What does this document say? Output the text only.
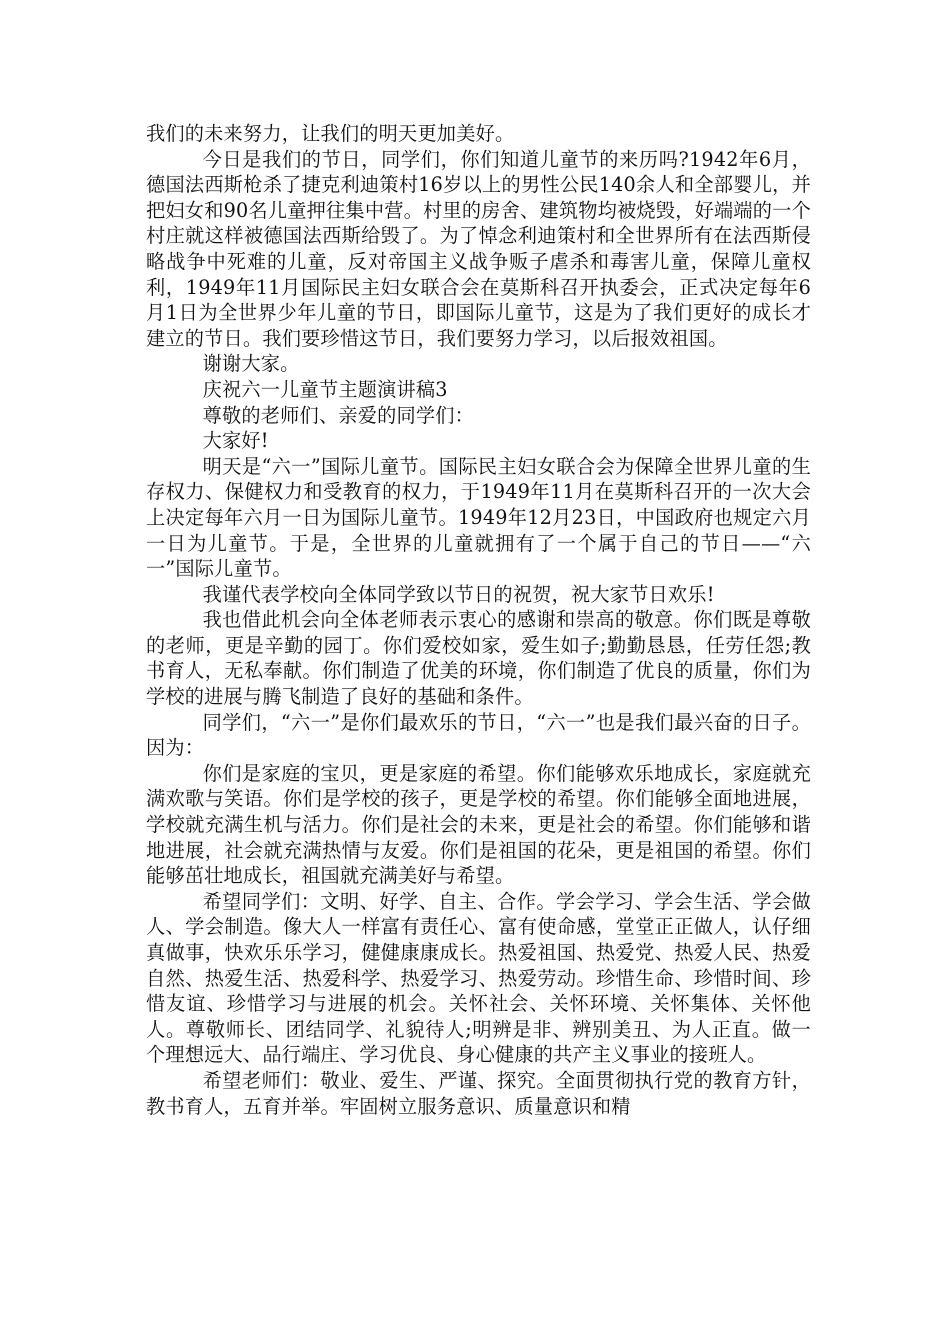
我们的未来努力，让我们的明天更加美好。

今日是我们的节日，同学们，你们知道儿童节的来历吗?1942年6月，德国法西斯枪杀了捷克利迪策村16岁以上的男性公民140余人和全部婴儿，并把妇女和90名儿童押往集中营。村里的房舍、建筑物均被烧毁，好端端的一个村庄就这样被德国法西斯给毁了。为了悼念利迪策村和全世界所有在法西斯侵略战争中死难的儿童，反对帝国主义战争贩子虐杀和毒害儿童，保障儿童权利，1949年11月国际民主妇女联合会在莫斯科召开执委会，正式决定每年6月1日为全世界少年儿童的节日，即国际儿童节，这是为了我们更好的成长才建立的节日。我们要珍惜这节日，我们要努力学习，以后报效祖国。

谢谢大家。

庆祝六一儿童节主题演讲稿3

尊敬的老师们、亲爱的同学们：

大家好!

明天是“六一”国际儿童节。国际民主妇女联合会为保障全世界儿童的生存权力、保健权力和受教育的权力，于1949年11月在莫斯科召开的一次大会上决定每年六月一日为国际儿童节。1949年12月23日，中国政府也规定六月一日为儿童节。于是，全世界的儿童就拥有了一个属于自己的节日——“六一”国际儿童节。

我谨代表学校向全体同学致以节日的祝贺，祝大家节日欢乐!

我也借此机会向全体老师表示衷心的感谢和崇高的敬意。你们既是尊敬的老师，更是辛勤的园丁。你们爱校如家，爱生如子;勤勤恳恳，任劳任怨;教书育人，无私奉献。你们制造了优美的环境，你们制造了优良的质量，你们为学校的进展与腾飞制造了良好的基础和条件。

同学们，“六一”是你们最欢乐的节日，“六一”也是我们最兴奋的日子。因为：

你们是家庭的宝贝，更是家庭的希望。你们能够欢乐地成长，家庭就充满欢歌与笑语。你们是学校的孩子，更是学校的希望。你们能够全面地进展，学校就充满生机与活力。你们是社会的未来，更是社会的希望。你们能够和谐地进展，社会就充满热情与友爱。你们是祖国的花朵，更是祖国的希望。你们能够茁壮地成长，祖国就充满美好与希望。

希望同学们：文明、好学、自主、合作。学会学习、学会生活、学会做人、学会制造。像大人一样富有责任心、富有使命感，堂堂正正做人，认仔细真做事，快欢乐乐学习，健健康康成长。热爱祖国、热爱党、热爱人民、热爱自然、热爱生活、热爱科学、热爱学习、热爱劳动。珍惜生命、珍惜时间、珍惜友谊、珍惜学习与进展的机会。关怀社会、关怀环境、关怀集体、关怀他人。尊敬师长、团结同学、礼貌待人;明辨是非、辨别美丑、为人正直。做一个理想远大、品行端庄、学习优良、身心健康的共产主义事业的接班人。

希望老师们：敬业、爱生、严谨、探究。全面贯彻执行党的教育方针，教书育人，五育并举。牢固树立服务意识、质量意识和精
